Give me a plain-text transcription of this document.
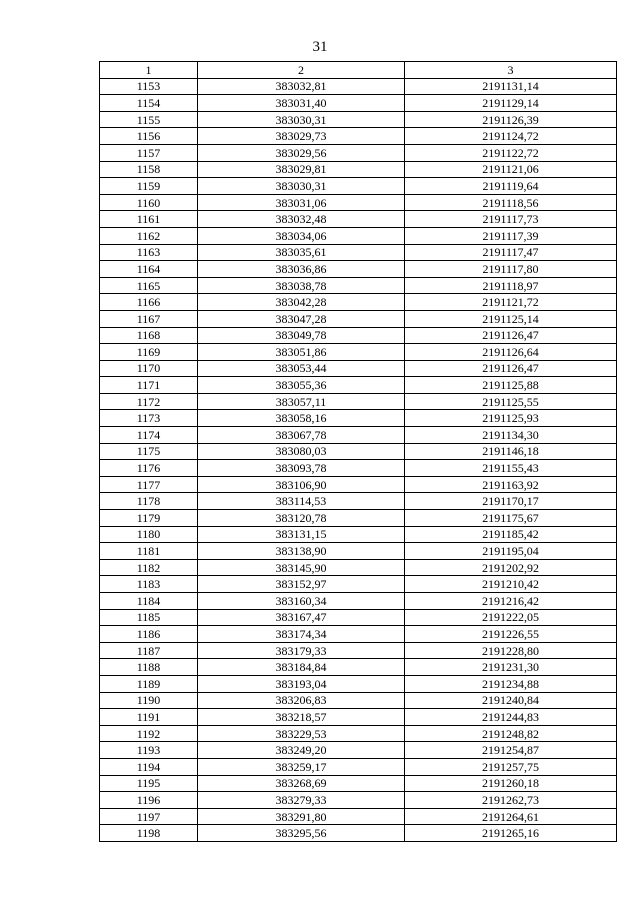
31
1	2	3
1153	383032,81	2191131,14
1154	383031,40	2191129,14
1155	383030,31	2191126,39
1156	383029,73	2191124,72
1157	383029,56	2191122,72
1158	383029,81	2191121,06
1159	383030,31	2191119,64
1160	383031,06	2191118,56
1161	383032,48	2191117,73
1162	383034,06	2191117,39
1163	383035,61	2191117,47
1164	383036,86	2191117,80
1165	383038,78	2191118,97
1166	383042,28	2191121,72
1167	383047,28	2191125,14
1168	383049,78	2191126,47
1169	383051,86	2191126,64
1170	383053,44	2191126,47
1171	383055,36	2191125,88
1172	383057,11	2191125,55
1173	383058,16	2191125,93
1174	383067,78	2191134,30
1175	383080,03	2191146,18
1176	383093,78	2191155,43
1177	383106,90	2191163,92
1178	383114,53	2191170,17
1179	383120,78	2191175,67
1180	383131,15	2191185,42
1181	383138,90	2191195,04
1182	383145,90	2191202,92
1183	383152,97	2191210,42
1184	383160,34	2191216,42
1185	383167,47	2191222,05
1186	383174,34	2191226,55
1187	383179,33	2191228,80
1188	383184,84	2191231,30
1189	383193,04	2191234,88
1190	383206,83	2191240,84
1191	383218,57	2191244,83
1192	383229,53	2191248,82
1193	383249,20	2191254,87
1194	383259,17	2191257,75
1195	383268,69	2191260,18
1196	383279,33	2191262,73
1197	383291,80	2191264,61
1198	383295,56	2191265,16
